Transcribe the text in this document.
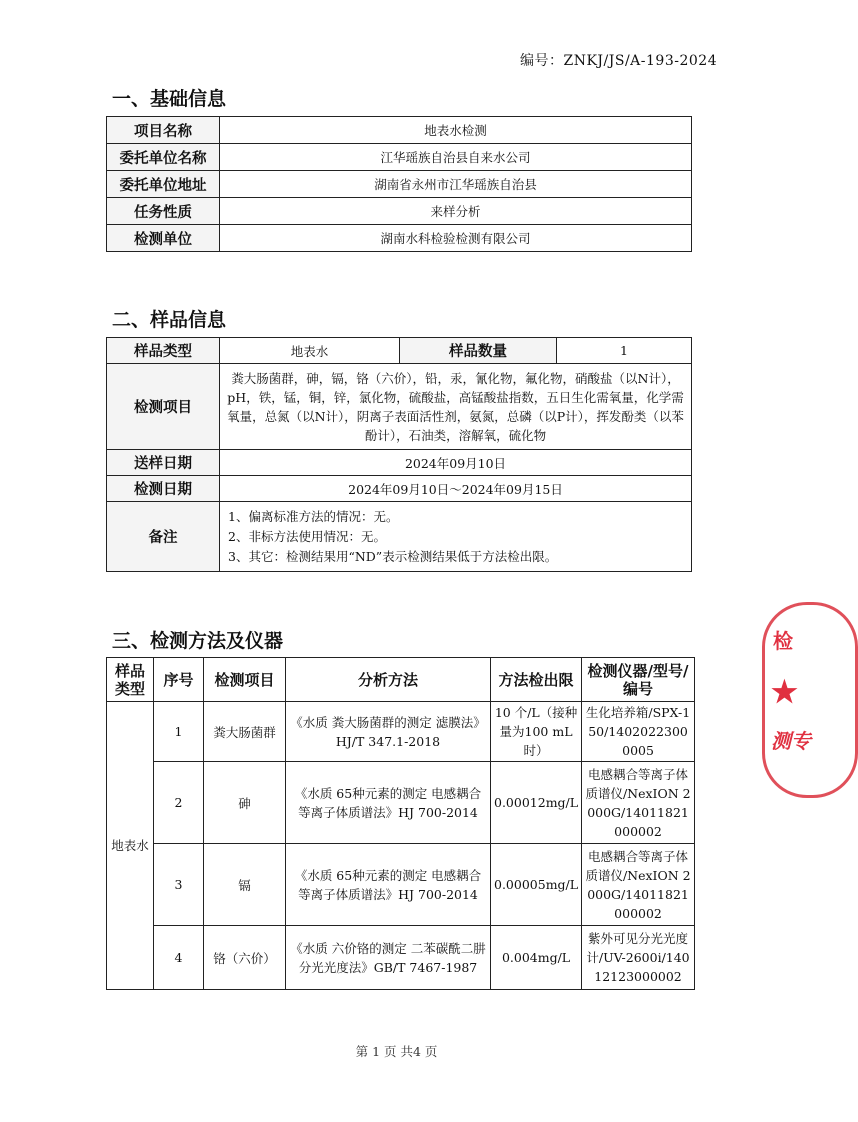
编号：ZNKJ/JS/A-193-2024
一、基础信息
项目名称	地表水检测
委托单位名称	江华瑶族自治县自来水公司
委托单位地址	湖南省永州市江华瑶族自治县
任务性质	来样分析
检测单位	湖南水科检验检测有限公司
二、样品信息
样品类型	地表水	样品数量	1
检测项目	粪大肠菌群，砷，镉，铬（六价），铅，汞，氰化物，氟化物，硝酸盐（以N计），pH，铁，锰，铜，锌，氯化物，硫酸盐，高锰酸盐指数，五日生化需氧量，化学需氧量，总氮（以N计），阴离子表面活性剂，氨氮，总磷（以P计），挥发酚类（以苯酚计），石油类，溶解氧，硫化物		
送样日期	2024年09月10日		
检测日期	2024年09月10日～2024年09月15日		
备注	1、偏离标准方法的情况：无。
2、非标方法使用情况：无。
3、其它：检测结果用“ND”表示检测结果低于方法检出限。		
三、检测方法及仪器
样品类型	序号	检测项目	分析方法	方法检出限	检测仪器/型号/编号
地表水	1	粪大肠菌群	《水质 粪大肠菌群的测定 滤膜法》HJ/T 347.1-2018	10 个/L（接种量为100 mL时）	生化培养箱/SPX-150/14020223000005
	2	砷	《水质 65种元素的测定 电感耦合等离子体质谱法》HJ 700-2014	0.00012mg/L	电感耦合等离子体质谱仪/NexION 2000G/14011821000002
	3	镉	《水质 65种元素的测定 电感耦合等离子体质谱法》HJ 700-2014	0.00005mg/L	电感耦合等离子体质谱仪/NexION 2000G/14011821000002
	4	铬（六价）	《水质 六价铬的测定 二苯碳酰二肼分光光度法》GB/T 7467-1987	0.004mg/L	紫外可见分光光度计/UV-2600i/14012123000002
检
★
测专
第 1 页 共4 页
